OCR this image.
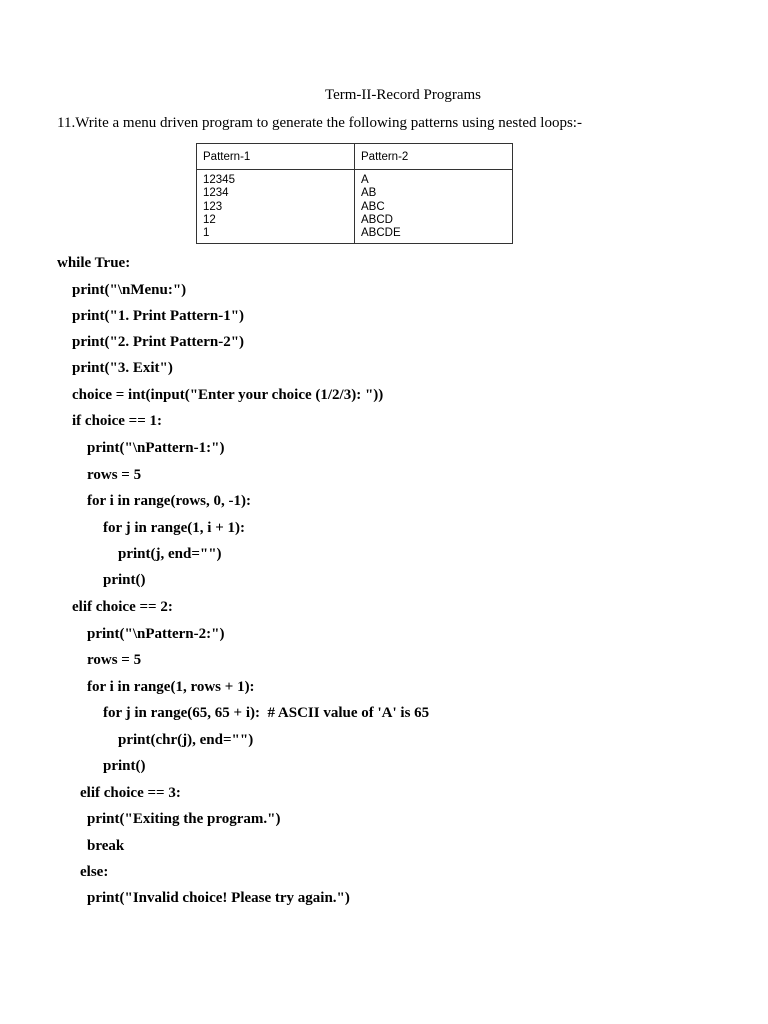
Term-II-Record Programs
11.Write a menu driven program to generate the following patterns using nested loops:-
Pattern-1
12345
1234
123
12
1
Pattern-2
A
AB
ABC
ABCD
ABCDE
while True:
print("\nMenu:")
print("1. Print Pattern-1")
print("2. Print Pattern-2")
print("3. Exit")
choice = int(input("Enter your choice (1/2/3): "))
if choice == 1:
print("\nPattern-1:")
rows = 5
for i in range(rows, 0, -1):
for j in range(1, i + 1):
print(j, end="")
print()
elif choice == 2:
print("\nPattern-2:")
rows = 5
for i in range(1, rows + 1):
for j in range(65, 65 + i):  # ASCII value of 'A' is 65
print(chr(j), end="")
print()
elif choice == 3:
print("Exiting the program.")
break
else:
print("Invalid choice! Please try again.")
